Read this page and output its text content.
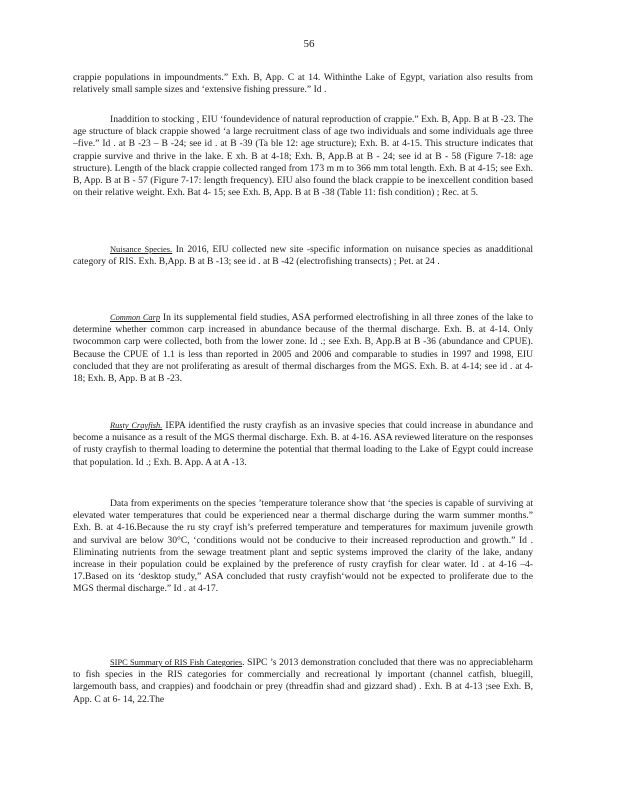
56

crappie populations in impoundments.” Exh. B, App. C at 14. Withinthe Lake of Egypt, variation also results from relatively small sample sizes and ‘extensive fishing pressure.” Id .

Inaddition to stocking , EIU ‘foundevidence of natural reproduction of crappie.” Exh. B, App. B at B -23. The age structure of black crappie showed ‘a large recruitment class of age two individuals and some individuals age three –five.” Id . at B -23 – B -24; see id . at B -39 (Ta ble 12: age structure); Exh. B. at 4-15. This structure indicates that crappie survive and thrive in the lake. E xh. B at 4-18; Exh. B, App.B at B - 24; see id at B - 58 (Figure 7-18: age structure). Length of the black crappie collected ranged from 173 m m to 366 mm total length. Exh. B at 4-15; see Exh. B, App. B at B - 57 (Figure 7-17: length frequency). EIU also found the black crappie to be inexcellent condition based on their relative weight. Exh. Bat 4- 15; see Exh. B, App. B at B -38 (Table 11: fish condition) ; Rec. at 5.

Nuisance Species. In 2016, EIU collected new site -specific information on nuisance species as anadditional category of RIS. Exh. B,App. B at B -13; see id . at B -42 (electrofishing transects) ; Pet. at 24 .

Common Carp In its supplemental field studies, ASA performed electrofishing in all three zones of the lake to determine whether common carp increased in abundance because of the thermal discharge. Exh. B. at 4-14. Only twocommon carp were collected, both from the lower zone. Id .; see Exh. B, App.B at B -36 (abundance and CPUE). Because the CPUE of 1.1 is less than reported in 2005 and 2006 and comparable to studies in 1997 and 1998, EIU concluded that they are not proliferating as aresult of thermal discharges from the MGS. Exh. B. at 4-14; see id . at 4-18; Exh. B, App. B at B -23.

Rusty Crayfish. IEPA identified the rusty crayfish as an invasive species that could increase in abundance and become a nuisance as a result of the MGS thermal discharge. Exh. B. at 4-16. ASA reviewed literature on the responses of rusty crayfish to thermal loading to determine the potential that thermal loading to the Lake of Egypt could increase that population. Id .; Exh. B. App. A at A -13.

Data from experiments on the species ’temperature tolerance show that ‘the species is capable of surviving at elevated water temperatures that could be experienced near a thermal discharge during the warm summer months.” Exh. B. at 4-16.Because the ru sty crayf ish’s preferred temperature and temperatures for maximum juvenile growth and survival are below 30°C, ‘conditions would not be conducive to their increased reproduction and growth.” Id . Eliminating nutrients from the sewage treatment plant and septic systems improved the clarity of the lake, andany increase in their population could be explained by the preference of rusty crayfish for clear water. Id . at 4-16 –4- 17.Based on its ‘desktop study,” ASA concluded that rusty crayfish‘would not be expected to proliferate due to the MGS thermal discharge.” Id . at 4-17.

SIPC Summary of RIS Fish Categories. SIPC ’s 2013 demonstration concluded that there was no appreciableharm to fish species in the RIS categories for commercially and recreational ly important (channel catfish, bluegill, largemouth bass, and crappies) and foodchain or prey (threadfin shad and gizzard shad) . Exh. B at 4-13 ;see Exh. B, App. C at 6- 14, 22.The
